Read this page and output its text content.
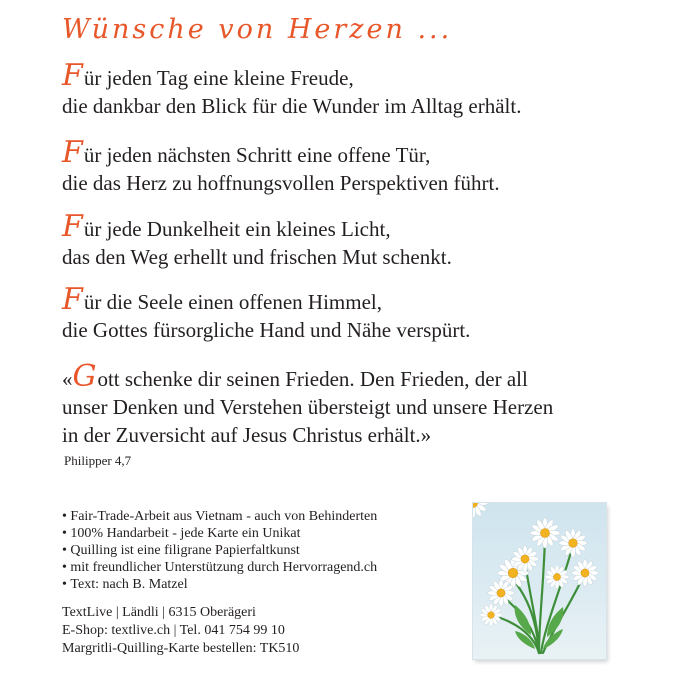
Wünsche von Herzen ...
Für jeden Tag eine kleine Freude,
die dankbar den Blick für die Wunder im Alltag erhält.
Für jeden nächsten Schritt eine offene Tür,
die das Herz zu hoffnungsvollen Perspektiven führt.
Für jede Dunkelheit ein kleines Licht,
das den Weg erhellt und frischen Mut schenkt.
Für die Seele einen offenen Himmel,
die Gottes fürsorgliche Hand und Nähe verspürt.
«Gott schenke dir seinen Frieden. Den Frieden, der all
unser Denken und Verstehen übersteigt und unsere Herzen
in der Zuversicht auf Jesus Christus erhält.»
Philipper 4,7
• Fair-Trade-Arbeit aus Vietnam - auch von Behinderten
• 100% Handarbeit - jede Karte ein Unikat
• Quilling ist eine filigrane Papierfaltkunst
• mit freundlicher Unterstützung durch Hervorragend.ch
• Text: nach B. Matzel
TextLive | Ländli | 6315 Oberägeri
E-Shop: textlive.ch | Tel. 041 754 99 10
Margritli-Quilling-Karte bestellen: TK510
